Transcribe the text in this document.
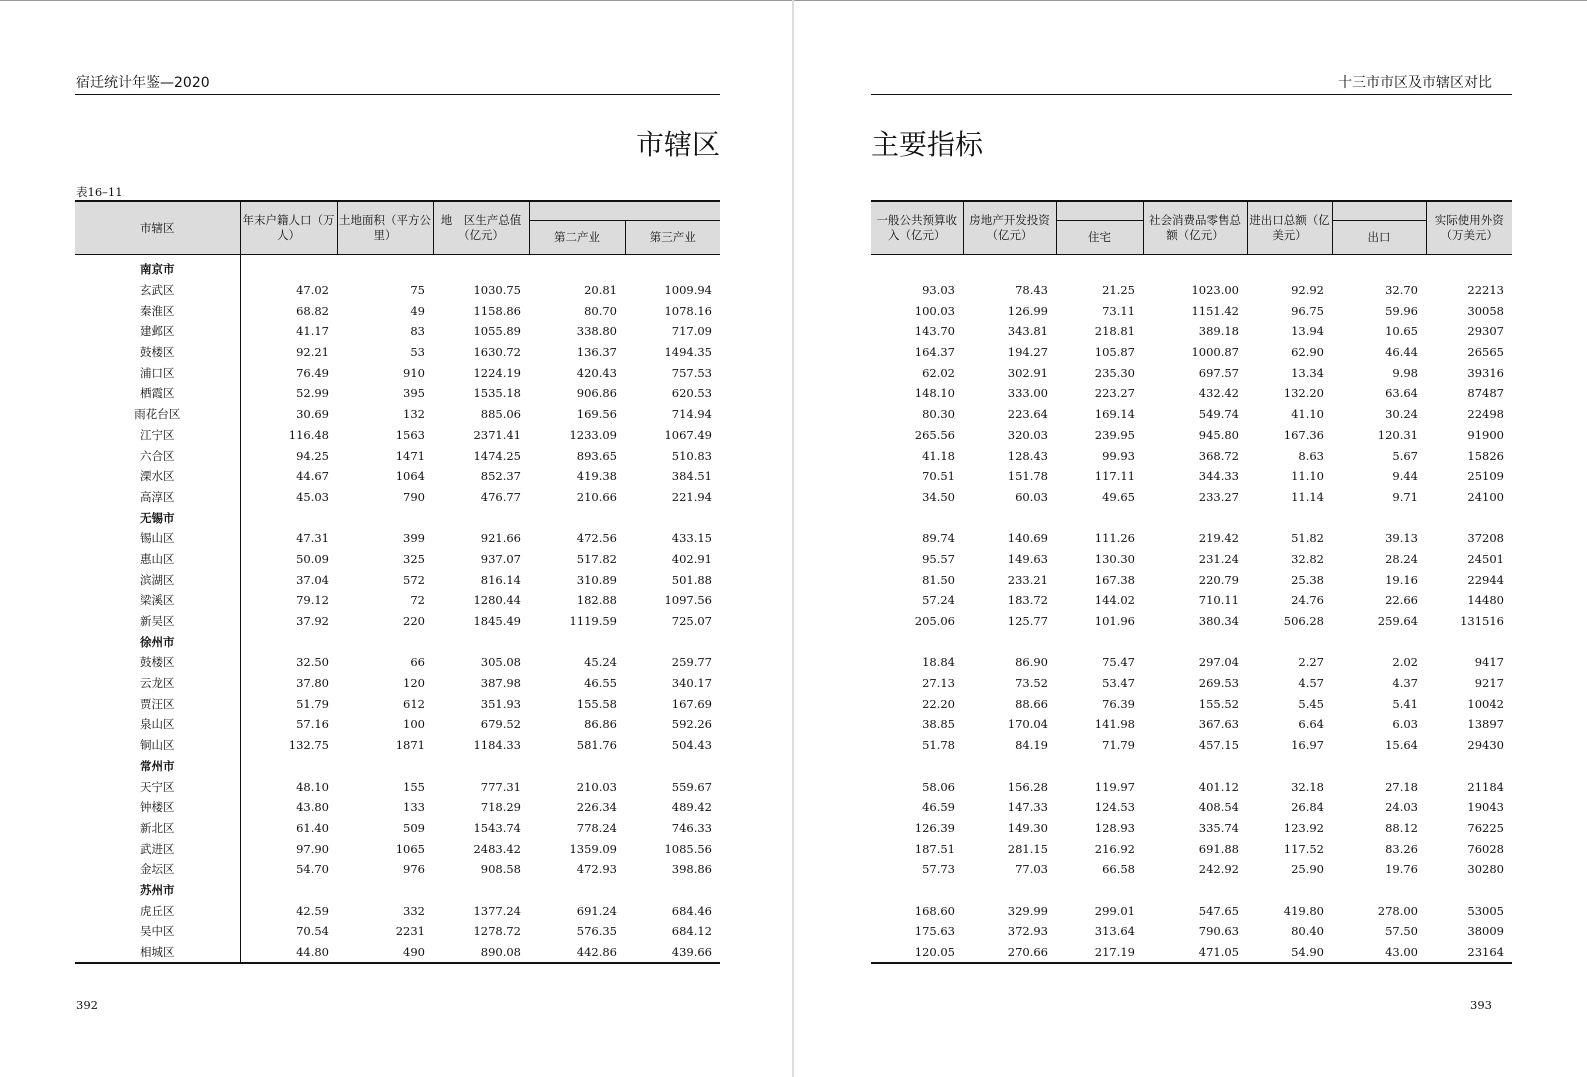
宿迁统计年鉴—2020	十三市市区及市辖区对比
市辖区	主要指标
表16–11
市辖区	年末户籍人口（万人）	土地面积（平方公里）	地　区生产总值（亿元）		
				第二产业	第三产业
南京市					
玄武区	47.02	75	1030.75	20.81	1009.94
秦淮区	68.82	49	1158.86	80.70	1078.16
建邺区	41.17	83	1055.89	338.80	717.09
鼓楼区	92.21	53	1630.72	136.37	1494.35
浦口区	76.49	910	1224.19	420.43	757.53
栖霞区	52.99	395	1535.18	906.86	620.53
雨花台区	30.69	132	885.06	169.56	714.94
江宁区	116.48	1563	2371.41	1233.09	1067.49
六合区	94.25	1471	1474.25	893.65	510.83
溧水区	44.67	1064	852.37	419.38	384.51
高淳区	45.03	790	476.77	210.66	221.94
无锡市					
锡山区	47.31	399	921.66	472.56	433.15
惠山区	50.09	325	937.07	517.82	402.91
滨湖区	37.04	572	816.14	310.89	501.88
梁溪区	79.12	72	1280.44	182.88	1097.56
新吴区	37.92	220	1845.49	1119.59	725.07
徐州市					
鼓楼区	32.50	66	305.08	45.24	259.77
云龙区	37.80	120	387.98	46.55	340.17
贾汪区	51.79	612	351.93	155.58	167.69
泉山区	57.16	100	679.52	86.86	592.26
铜山区	132.75	1871	1184.33	581.76	504.43
常州市					
天宁区	48.10	155	777.31	210.03	559.67
钟楼区	43.80	133	718.29	226.34	489.42
新北区	61.40	509	1543.74	778.24	746.33
武进区	97.90	1065	2483.42	1359.09	1085.56
金坛区	54.70	976	908.58	472.93	398.86
苏州市					
虎丘区	42.59	332	1377.24	691.24	684.46
吴中区	70.54	2231	1278.72	576.35	684.12
相城区	44.80	490	890.08	442.86	439.66
一般公共预算收入（亿元）	房地产开发投资（亿元）		社会消费品零售总额（亿元）	进出口总额（亿美元）		实际使用外资（万美元）
		住宅			出口	

93.03	78.43	21.25	1023.00	92.92	32.70	22213
100.03	126.99	73.11	1151.42	96.75	59.96	30058
143.70	343.81	218.81	389.18	13.94	10.65	29307
164.37	194.27	105.87	1000.87	62.90	46.44	26565
62.02	302.91	235.30	697.57	13.34	9.98	39316
148.10	333.00	223.27	432.42	132.20	63.64	87487
80.30	223.64	169.14	549.74	41.10	30.24	22498
265.56	320.03	239.95	945.80	167.36	120.31	91900
41.18	128.43	99.93	368.72	8.63	5.67	15826
70.51	151.78	117.11	344.33	11.10	9.44	25109
34.50	60.03	49.65	233.27	11.14	9.71	24100

89.74	140.69	111.26	219.42	51.82	39.13	37208
95.57	149.63	130.30	231.24	32.82	28.24	24501
81.50	233.21	167.38	220.79	25.38	19.16	22944
57.24	183.72	144.02	710.11	24.76	22.66	14480
205.06	125.77	101.96	380.34	506.28	259.64	131516

18.84	86.90	75.47	297.04	2.27	2.02	9417
27.13	73.52	53.47	269.53	4.57	4.37	9217
22.20	88.66	76.39	155.52	5.45	5.41	10042
38.85	170.04	141.98	367.63	6.64	6.03	13897
51.78	84.19	71.79	457.15	16.97	15.64	29430

58.06	156.28	119.97	401.12	32.18	27.18	21184
46.59	147.33	124.53	408.54	26.84	24.03	19043
126.39	149.30	128.93	335.74	123.92	88.12	76225
187.51	281.15	216.92	691.88	117.52	83.26	76028
57.73	77.03	66.58	242.92	25.90	19.76	30280

168.60	329.99	299.01	547.65	419.80	278.00	53005
175.63	372.93	313.64	790.63	80.40	57.50	38009
120.05	270.66	217.19	471.05	54.90	43.00	23164
392	393
